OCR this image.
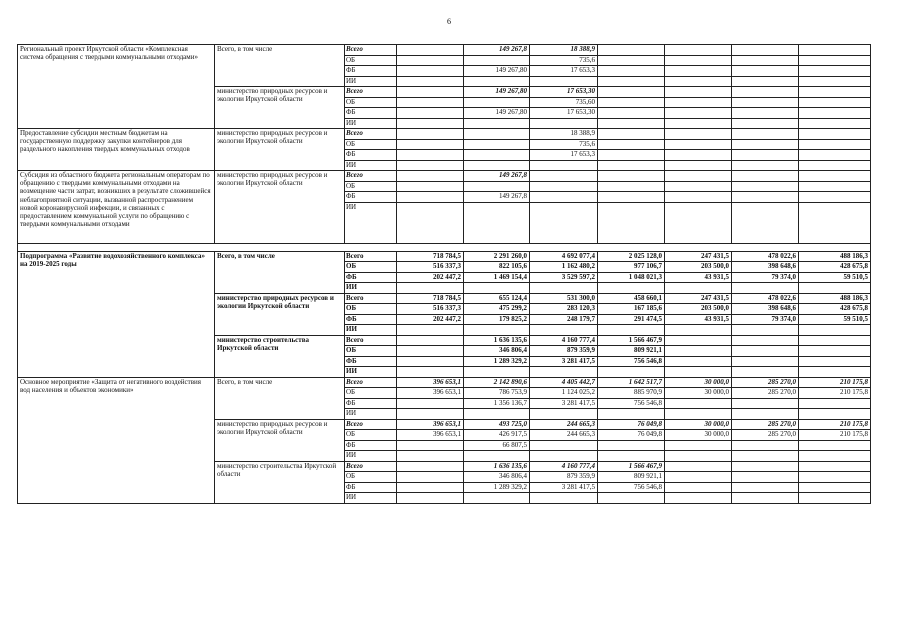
6
Региональный проект Иркутской области «Комплексная система обращения с твердыми коммунальными отходами»	Всего, в том числе	Всего		149 267,8	18 388,9				
		ОБ			735,6				
		ФБ		149 267,80	17 653,3				
		ИИ							
	министерство природных ресурсов и экологии Иркутской области	Всего		149 267,80	17 653,30				
		ОБ			735,60				
		ФБ		149 267,80	17 653,30				
		ИИ							
Предоставление субсидии местным бюджетам на государственную поддержку закупки контейнеров для раздельного накопления твердых коммунальных отходов	министерство природных ресурсов и экологии Иркутской области	Всего			18 388,9				
		ОБ			735,6				
		ФБ			17 653,3				
		ИИ							
Субсидия из областного бюджета региональным операторам по обращению с твердыми коммунальными отходами на возмещение части затрат, возникших в результате сложившейся неблагоприятной ситуации, вызванной распространением новой коронавирусной инфекции, и связанных с предоставлением коммунальной услуги по обращению с твердыми коммунальными отходами	министерство природных ресурсов и экологии Иркутской области	Всего		149 267,8					
		ОБ							
		ФБ		149 267,8					
		ИИ							

Подпрограмма «Развитие водохозяйственного комплекса» на 2019-2025 годы	Всего, в том числе	Всего	718 784,5	2 291 260,0	4 692 077,4	2 025 128,0	247 431,5	478 022,6	488 186,3
		ОБ	516 337,3	822 105,6	1 162 480,2	977 106,7	203 500,0	398 648,6	428 675,8
		ФБ	202 447,2	1 469 154,4	3 529 597,2	1 048 021,3	43 931,5	79 374,0	59 510,5
		ИИ							
	министерство природных ресурсов и экологии Иркутской области	Всего	718 784,5	655 124,4	531 300,0	458 660,1	247 431,5	478 022,6	488 186,3
		ОБ	516 337,3	475 299,2	283 120,3	167 185,6	203 500,0	398 648,6	428 675,8
		ФБ	202 447,2	179 825,2	248 179,7	291 474,5	43 931,5	79 374,0	59 510,5
		ИИ							
	министерство строительства Иркутской области	Всего		1 636 135,6	4 160 777,4	1 566 467,9			
		ОБ		346 806,4	879 359,9	809 921,1			
		ФБ		1 289 329,2	3 281 417,5	756 546,8			
		ИИ							
Основное мероприятие «Защита от негативного воздействия вод населения и объектов экономики»	Всего, в том числе	Всего	396 653,1	2 142 890,6	4 405 442,7	1 642 517,7	30 000,0	285 270,0	210 175,8
		ОБ	396 653,1	786 753,9	1 124 025,2	885 970,9	30 000,0	285 270,0	210 175,8
		ФБ		1 356 136,7	3 281 417,5	756 546,8			
		ИИ							
	министерство природных ресурсов и экологии Иркутской области	Всего	396 653,1	493 725,0	244 665,3	76 049,8	30 000,0	285 270,0	210 175,8
		ОБ	396 653,1	426 917,5	244 665,3	76 049,8	30 000,0	285 270,0	210 175,8
		ФБ		66 807,5					
		ИИ							
	министерство строительства Иркутской области	Всего		1 636 135,6	4 160 777,4	1 566 467,9			
		ОБ		346 806,4	879 359,9	809 921,1			
		ФБ		1 289 329,2	3 281 417,5	756 546,8			
		ИИ							
